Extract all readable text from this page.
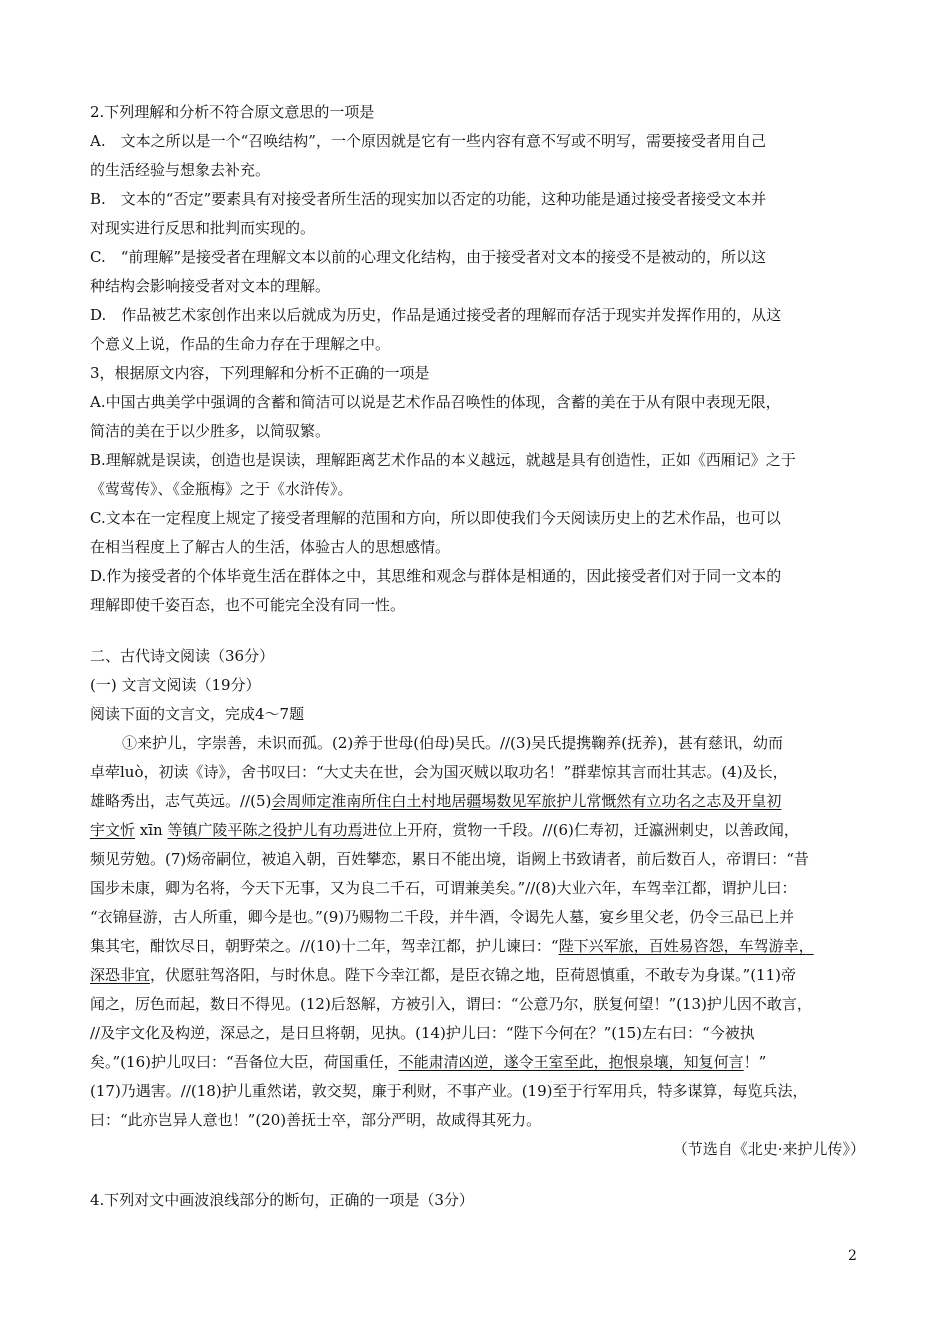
2.下列理解和分析不符合原文意思的一项是
A.　文本之所以是一个“召唤结构”，一个原因就是它有一些内容有意不写或不明写，需要接受者用自己
的生活经验与想象去补充。
B.　文本的“否定”要素具有对接受者所生活的现实加以否定的功能，这种功能是通过接受者接受文本并
对现实进行反思和批判而实现的。
C.　“前理解”是接受者在理解文本以前的心理文化结构，由于接受者对文本的接受不是被动的，所以这
种结构会影响接受者对文本的理解。
D.　作品被艺术家创作出来以后就成为历史，作品是通过接受者的理解而存活于现实并发挥作用的，从这
个意义上说，作品的生命力存在于理解之中。
3，根据原文内容，下列理解和分析不正确的一项是
A.中国古典美学中强调的含蓄和简洁可以说是艺术作品召唤性的体现，含蓄的美在于从有限中表现无限，
简洁的美在于以少胜多，以简驭繁。
B.理解就是误读，创造也是误读，理解距离艺术作品的本义越远，就越是具有创造性，正如《西厢记》之于
《莺莺传》、《金瓶梅》之于《水浒传》。
C.文本在一定程度上规定了接受者理解的范围和方向，所以即使我们今天阅读历史上的艺术作品，也可以
在相当程度上了解古人的生活，体验古人的思想感情。
D.作为接受者的个体毕竟生活在群体之中，其思维和观念与群体是相通的，因此接受者们对于同一文本的
理解即使千姿百态，也不可能完全没有同一性。
二、古代诗文阅读（36分）
(一) 文言文阅读（19分）
阅读下面的文言文，完成4～7题
①来护儿，字崇善，未识而孤。(2)养于世母(伯母)吴氏。//(3)吴氏提携鞠养(抚养)，甚有慈讯，幼而
卓荦luò，初读《诗》，舍书叹曰：“大丈夫在世，会为国灭贼以取功名！”群辈惊其言而壮其志。(4)及长，
雄略秀出，志气英远。//(5)会周师定淮南所住白土村地居疆埸数见军旅护儿常慨然有立功名之志及开皇初
宇文忻 xīn 等镇广陵平陈之役护儿有功焉进位上开府，赏物一千段。//(6)仁寿初，迁瀛洲刺史，以善政闻，
频见劳勉。(7)炀帝嗣位，被追入朝，百姓攀恋，累日不能出境，诣阙上书致请者，前后数百人，帝谓曰：“昔
国步未康，卿为名将，今天下无事，又为良二千石，可谓兼美矣。”//(8)大业六年，车驾幸江都，谓护儿曰：
“衣锦昼游，古人所重，卿今是也。”(9)乃赐物二千段，并牛酒，令谒先人墓，宴乡里父老，仍令三品已上并
集其宅，酣饮尽日，朝野荣之。//(10)十二年，驾幸江都，护儿谏曰：“陛下兴军旅，百姓易咨怨，车驾游幸，
深恐非宜，伏愿驻驾洛阳，与时休息。陛下今幸江都，是臣衣锦之地，臣荷恩慎重，不敢专为身谋。”(11)帝
闻之，厉色而起，数日不得见。(12)后怒解，方被引入，谓曰：“公意乃尔，朕复何望！”(13)护儿因不敢言，
//及宇文化及构逆，深忌之，是日旦将朝，见执。(14)护儿曰：“陛下今何在？”(15)左右曰：“今被执
矣。”(16)护儿叹曰：“吾备位大臣，荷国重任，不能肃清凶逆，遂令王室至此，抱恨泉壤，知复何言！”
(17)乃遇害。//(18)护儿重然诺，敦交契，廉于利财，不事产业。(19)至于行军用兵，特多谋算，每览兵法，
曰：“此亦岂异人意也！”(20)善抚士卒，部分严明，故咸得其死力。
（节选自《北史·来护儿传》）
4.下列对文中画波浪线部分的断句，正确的一项是（3分）
2
